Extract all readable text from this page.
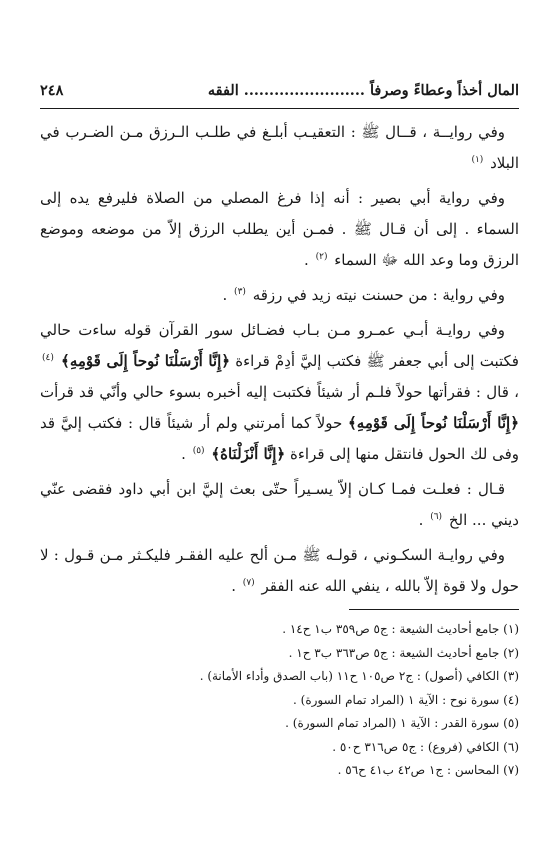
٢٤٨	المال أخذاً وعطاءً وصرفاً ........................ الفقه

وفي روايــة ، قــال ﷺ : التعقيـب أبلـغ في طلـب الـرزق مـن الضـرب في البلاد $^{(١)}$

وفي رواية أبي بصير : أنه إذا فرغ المصلي من الصلاة فليرفع يده إلى السماء . إلى أن قـال ﷺ . فمـن أين يطلب الرزق إلاّ من موضعه وموضع الرزق وما وعد الله ﷻ السماء $^{(٢)}$ .

وفي رواية : من حسنت نيته زيد في رزقه $^{(٣)}$ .

وفي روايـة أبـي عمـرو مـن بـاب فضـائل سور القرآن قوله ساءت حالي فكتبت إلى أبي جعفر ﷺ فكتب إليَّ أدِمْ قراءة ﴿إِنَّا أَرْسَلْنَا نُوحاً إِلَى قَوْمِهِ﴾ $^{(٤)}$ ، قال : فقرأتها حولاً فلـم أر شيئاً فكتبت إليه أخبره بسوء حالي وأنّي قد قرأت ﴿إِنَّا أَرْسَلْنَا نُوحاً إِلَى قَوْمِهِ﴾ حولاً كما أمرتني ولم أر شيئاً قال : فكتب إليَّ قد وفى لك الحول فانتقل منها إلى قراءة ﴿إِنَّا أَنْزَلْنَاهُ﴾ $^{(٥)}$ .

قـال : فعلـت فمـا كـان إلاّ يسـيراً حتّى بعث إليَّ ابن أبي داود فقضى عنّي ديني ... الخ $^{(٦)}$ .

وفي روايـة السكـوني ، قولـه ﷺ مـن ألح عليه الفقـر فليكـثر مـن قـول : لا حول ولا قوة إلاّ بالله ، ينفي الله عنه الفقر $^{(٧)}$ .

(١) جامع أحاديث الشيعة : ج٥ ص٣٥٩ ب١ ح١٤ .
(٢) جامع أحاديث الشيعة : ج٥ ص٣٦٣ ب٣ ح١ .
(٣) الكافي (أصول) : ج٢ ص١٠٥ ح١١ (باب الصدق وأداء الأمانة) .
(٤) سورة نوح : الآية ١ (المراد تمام السورة) .
(٥) سورة القدر : الآية ١ (المراد تمام السورة) .
(٦) الكافي (فروع) : ج٥ ص٣١٦ ح٥٠ .
(٧) المحاسن : ج١ ص٤٢ ب٤١ ح٥٦ .
